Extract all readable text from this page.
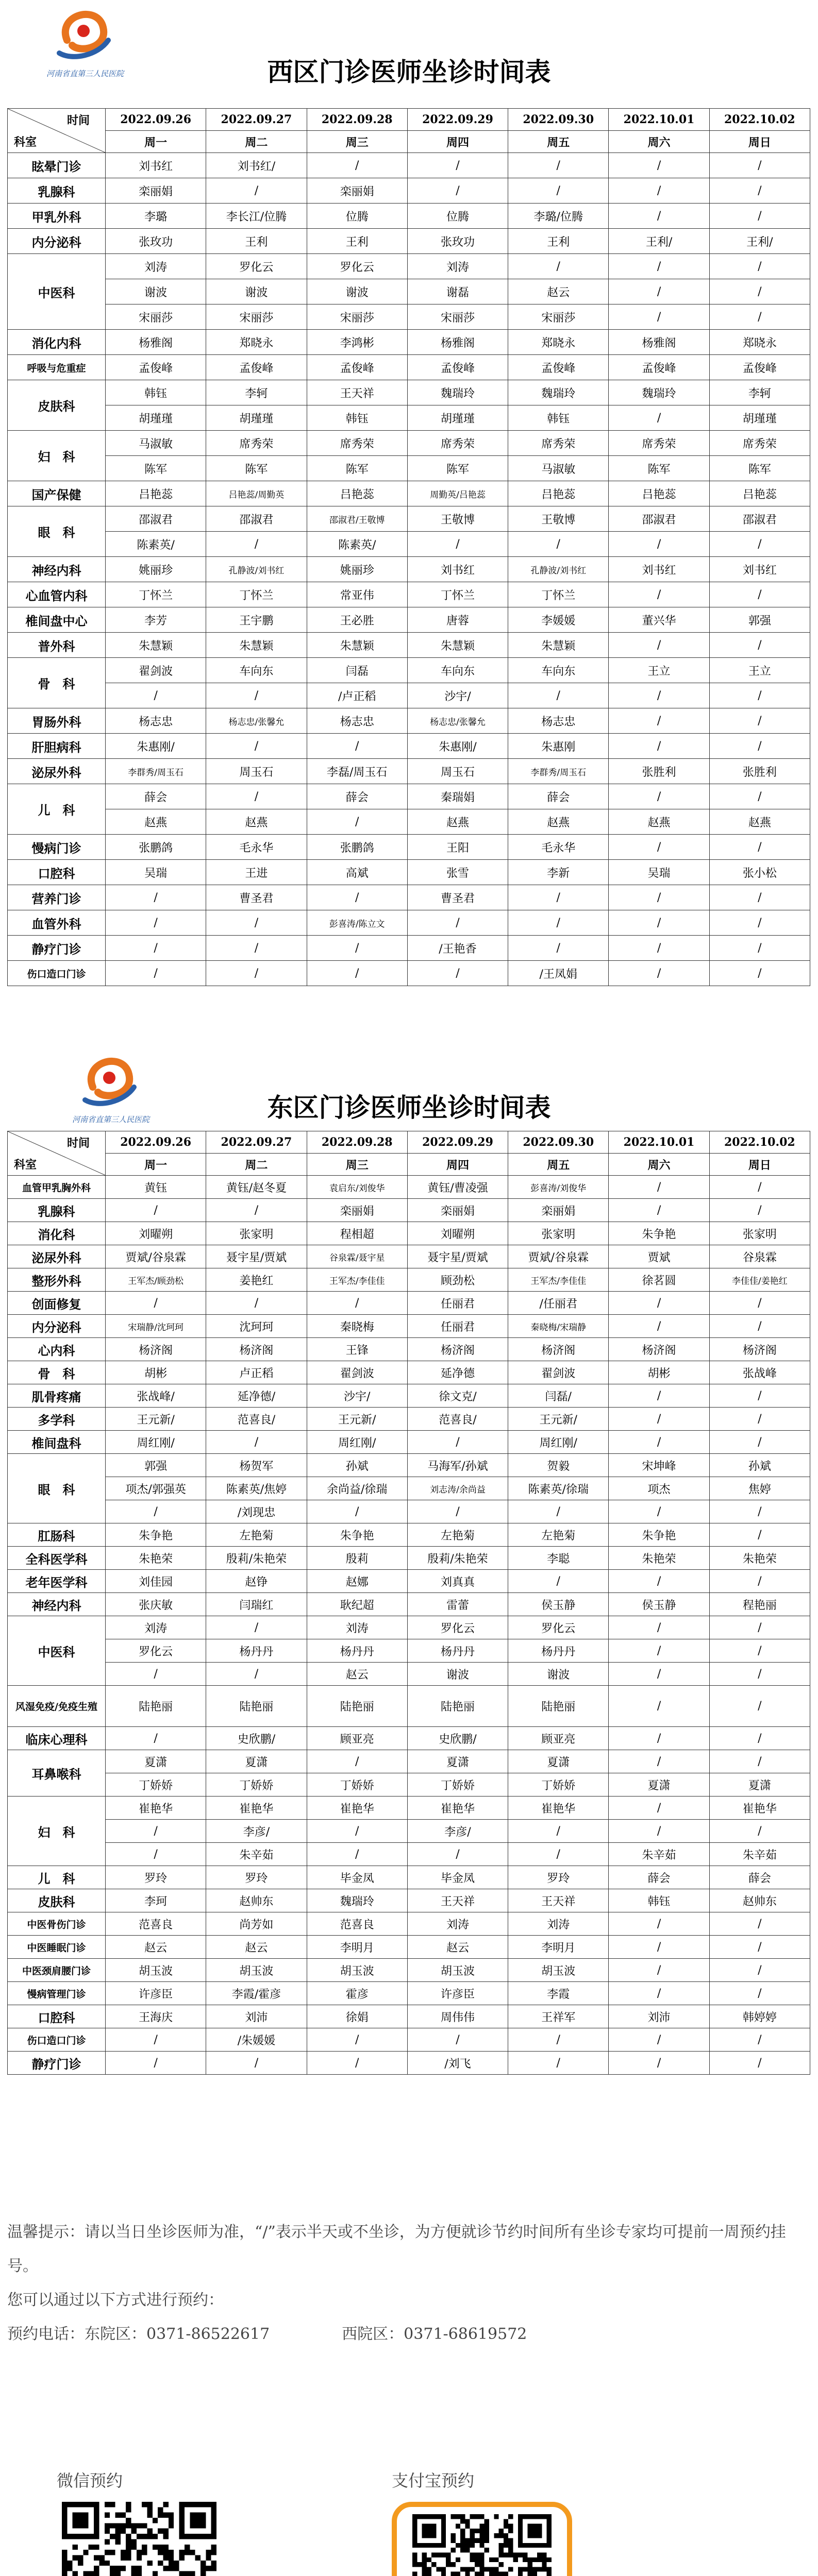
河南省直第三人民医院	西区门诊医师坐诊时间表
时间
科室	2022.09.26	2022.09.27	2022.09.28	2022.09.29	2022.09.30	2022.10.01	2022.10.02
	周一	周二	周三	周四	周五	周六	周日
眩晕门诊	刘书红	刘书红/	/	/	/	/	/
乳腺科	栾丽娟	/	栾丽娟	/	/	/	/
甲乳外科	李璐	李长江/位腾	位腾	位腾	李璐/位腾	/	/
内分泌科	张玫功	王利	王利	张玫功	王利	王利/	王利/
中医科	刘涛	罗化云	罗化云	刘涛	/	/	/
	谢波	谢波	谢波	谢磊	赵云	/	/
	宋丽莎	宋丽莎	宋丽莎	宋丽莎	宋丽莎	/	/
消化内科	杨雅阁	郑晓永	李鸿彬	杨雅阁	郑晓永	杨雅阁	郑晓永
呼吸与危重症	孟俊峰	孟俊峰	孟俊峰	孟俊峰	孟俊峰	孟俊峰	孟俊峰
皮肤科	韩钰	李轲	王天祥	魏瑞玲	魏瑞玲	魏瑞玲	李轲
	胡瑾瑾	胡瑾瑾	韩钰	胡瑾瑾	韩钰	/	胡瑾瑾
妇　科	马淑敏	席秀荣	席秀荣	席秀荣	席秀荣	席秀荣	席秀荣
	陈军	陈军	陈军	陈军	马淑敏	陈军	陈军
国产保健	吕艳蕊	吕艳蕊/周勤英	吕艳蕊	周勤英/吕艳蕊	吕艳蕊	吕艳蕊	吕艳蕊
眼　科	邵淑君	邵淑君	邵淑君/王敬博	王敬博	王敬博	邵淑君	邵淑君
	陈素英/	/	陈素英/	/	/	/	/
神经内科	姚丽珍	孔静波/刘书红	姚丽珍	刘书红	孔静波/刘书红	刘书红	刘书红
心血管内科	丁怀兰	丁怀兰	常亚伟	丁怀兰	丁怀兰	/	/
椎间盘中心	李芳	王宇鹏	王必胜	唐蓉	李媛媛	董兴华	郭强
普外科	朱慧颖	朱慧颖	朱慧颖	朱慧颖	朱慧颖	/	/
骨　科	翟剑波	车向东	闫磊	车向东	车向东	王立	王立
	/	/	/卢正稻	沙宇/	/	/	/
胃肠外科	杨志忠	杨志忠/张馨允	杨志忠	杨志忠/张馨允	杨志忠	/	/
肝胆病科	朱惠刚/	/	/	朱惠刚/	朱惠刚	/	/
泌尿外科	李群秀/周玉石	周玉石	李磊/周玉石	周玉石	李群秀/周玉石	张胜利	张胜利
儿　科	薛会	/	薛会	秦瑞娟	薛会	/	/
	赵燕	赵燕	/	赵燕	赵燕	赵燕	赵燕
慢病门诊	张鹏鸽	毛永华	张鹏鸽	王阳	毛永华	/	/
口腔科	吴瑞	王进	高斌	张雪	李新	吴瑞	张小松
营养门诊	/	曹圣君	/	曹圣君	/	/	/
血管外科	/	/	彭喜涛/陈立文	/	/	/	/
静疗门诊	/	/	/	/王艳香	/	/	/
伤口造口门诊	/	/	/	/	/王凤娟	/	/
河南省直第三人民医院	东区门诊医师坐诊时间表
时间
科室	2022.09.26	2022.09.27	2022.09.28	2022.09.29	2022.09.30	2022.10.01	2022.10.02
	周一	周二	周三	周四	周五	周六	周日
血管甲乳胸外科	黄钰	黄钰/赵冬夏	袁启东/刘俊华	黄钰/曹凌强	彭喜涛/刘俊华	/	/
乳腺科	/	/	栾丽娟	栾丽娟	栾丽娟	/	/
消化科	刘曜朔	张家明	程相超	刘曜朔	张家明	朱争艳	张家明
泌尿外科	贾斌/谷泉霖	聂宇星/贾斌	谷泉霖/聂宇星	聂宇星/贾斌	贾斌/谷泉霖	贾斌	谷泉霖
整形外科	王军杰/顾劲松	姜艳红	王军杰/李佳佳	顾劲松	王军杰/李佳佳	徐茗圆	李佳佳/姜艳红
创面修复	/	/	/	任丽君	/任丽君	/	/
内分泌科	宋瑞静/沈珂珂	沈珂珂	秦晓梅	任丽君	秦晓梅/宋瑞静	/	/
心内科	杨济阁	杨济阁	王锋	杨济阁	杨济阁	杨济阁	杨济阁
骨　科	胡彬	卢正稻	翟剑波	延净德	翟剑波	胡彬	张战峰
肌骨疼痛	张战峰/	延净德/	沙宇/	徐文克/	闫磊/	/	/
多学科	王元新/	范喜良/	王元新/	范喜良/	王元新/	/	/
椎间盘科	周红刚/	/	周红刚/	/	周红刚/	/	/
眼　科	郭强	杨贺军	孙斌	马海军/孙斌	贺毅	宋坤峰	孙斌
	项杰/郭强英	陈素英/焦婷	余尚益/徐瑞	刘志涛/余尚益	陈素英/徐瑞	项杰	焦婷
	/	/刘现忠	/	/	/	/	/
肛肠科	朱争艳	左艳菊	朱争艳	左艳菊	左艳菊	朱争艳	/
全科医学科	朱艳荣	殷莉/朱艳荣	殷莉	殷莉/朱艳荣	李聪	朱艳荣	朱艳荣
老年医学科	刘佳园	赵铮	赵娜	刘真真	/	/	/
神经内科	张庆敏	闫瑞红	耿纪超	雷蕾	侯玉静	侯玉静	程艳丽
中医科	刘涛	/	刘涛	罗化云	罗化云	/	/
	罗化云	杨丹丹	杨丹丹	杨丹丹	杨丹丹	/	/
	/	/	赵云	谢波	谢波	/	/
风湿免疫/免疫生殖	陆艳丽	陆艳丽	陆艳丽	陆艳丽	陆艳丽	/	/
临床心理科	/	史欣鹏/	顾亚亮	史欣鹏/	顾亚亮	/	/
耳鼻喉科	夏潇	夏潇	/	夏潇	夏潇	/	/
	丁娇娇	丁娇娇	丁娇娇	丁娇娇	丁娇娇	夏潇	夏潇
妇　科	崔艳华	崔艳华	崔艳华	崔艳华	崔艳华	/	崔艳华
	/	李彦/	/	李彦/	/	/	/
	/	朱辛茹	/	/	/	朱辛茹	朱辛茹
儿　科	罗玲	罗玲	毕金凤	毕金凤	罗玲	薛会	薛会
皮肤科	李珂	赵帅东	魏瑞玲	王天祥	王天祥	韩钰	赵帅东
中医骨伤门诊	范喜良	尚芳如	范喜良	刘涛	刘涛	/	/
中医睡眠门诊	赵云	赵云	李明月	赵云	李明月	/	/
中医颈肩腰门诊	胡玉波	胡玉波	胡玉波	胡玉波	胡玉波	/	/
慢病管理门诊	许彦臣	李霞/霍彦	霍彦	许彦臣	李霞	/	/
口腔科	王海庆	刘沛	徐娟	周伟伟	王祥军	刘沛	韩婷婷
伤口造口门诊	/	/朱媛媛	/	/	/	/	/
静疗门诊	/	/	/	/刘飞	/	/	/
温馨提示：请以当日坐诊医师为准，“/”表示半天或不坐诊，为方便就诊节约时间所有坐诊专家均可提前一周预约挂号。
您可以通过以下方式进行预约：
预约电话：东院区：0371-86522617	西院区：0371-68619572
微信预约	支付宝预约
